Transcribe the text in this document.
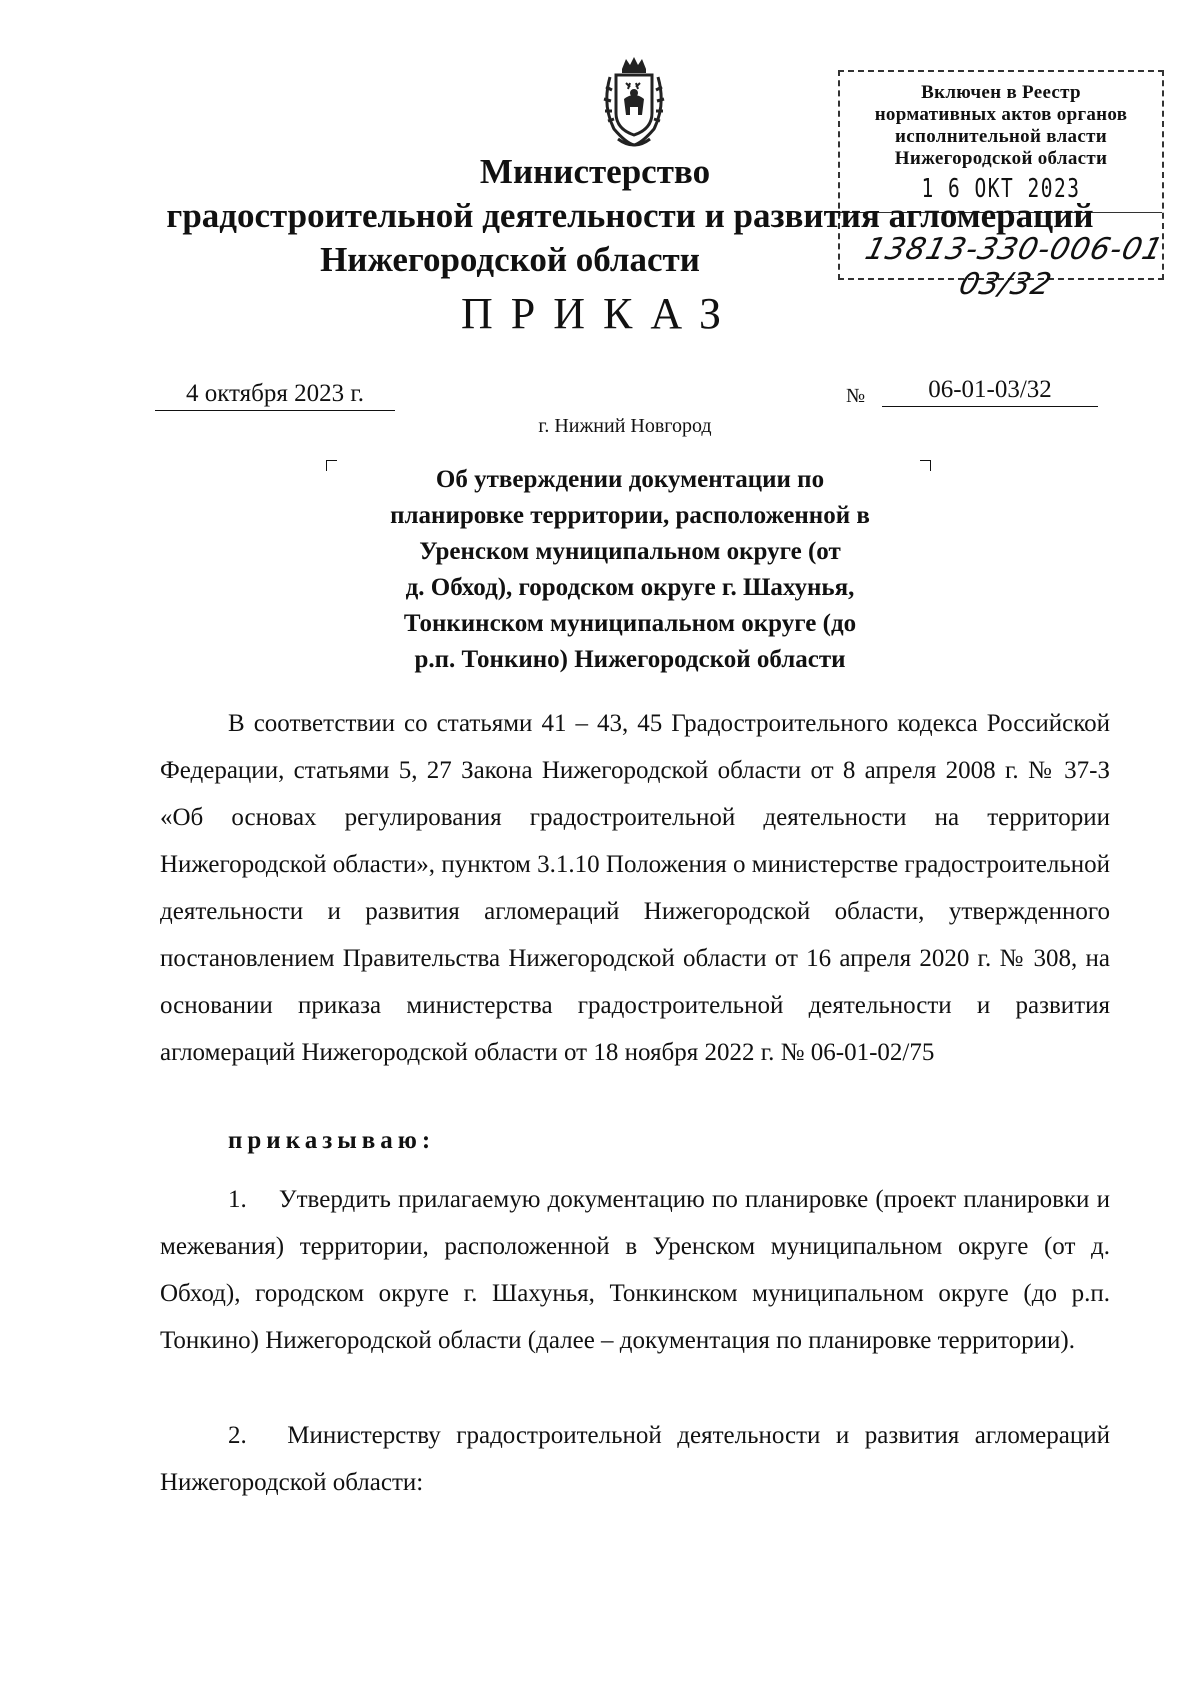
Включен в Реестр
нормативных актов органов
исполнительной власти
Нижегородской области
1 6 ОКТ 2023
13813-330-006-01 03/32
Министерство
градостроительной деятельности и развития агломераций
Нижегородской области
ПРИКАЗ
4 октября 2023 г.	№	06-01-03/32
г. Нижний Новгород
Об утверждении документации по
планировке территории, расположенной в
Уренском муниципальном округе (от
д. Обход), городском округе г. Шахунья,
Тонкинском муниципальном округе (до
р.п. Тонкино) Нижегородской области

В соответствии со статьями 41 – 43, 45 Градостроительного кодекса Российской Федерации, статьями 5, 27 Закона Нижегородской области от 8 апреля 2008 г. № 37-З «Об основах регулирования градостроительной деятельности на территории Нижегородской области», пунктом 3.1.10 Положения о министерстве градостроительной деятельности и развития агломераций Нижегородской области, утвержденного постановлением Правительства Нижегородской области от 16 апреля 2020 г. № 308, на основании приказа министерства градостроительной деятельности и развития агломераций Нижегородской области от 18 ноября 2022 г. № 06-01-02/75

приказываю:

1.  Утвердить прилагаемую документацию по планировке (проект планировки и межевания) территории, расположенной в Уренском муниципальном округе (от д. Обход), городском округе г. Шахунья, Тонкинском муниципальном округе (до р.п. Тонкино) Нижегородской области (далее – документация по планировке территории).

2.  Министерству градостроительной деятельности и развития агломераций Нижегородской области:
